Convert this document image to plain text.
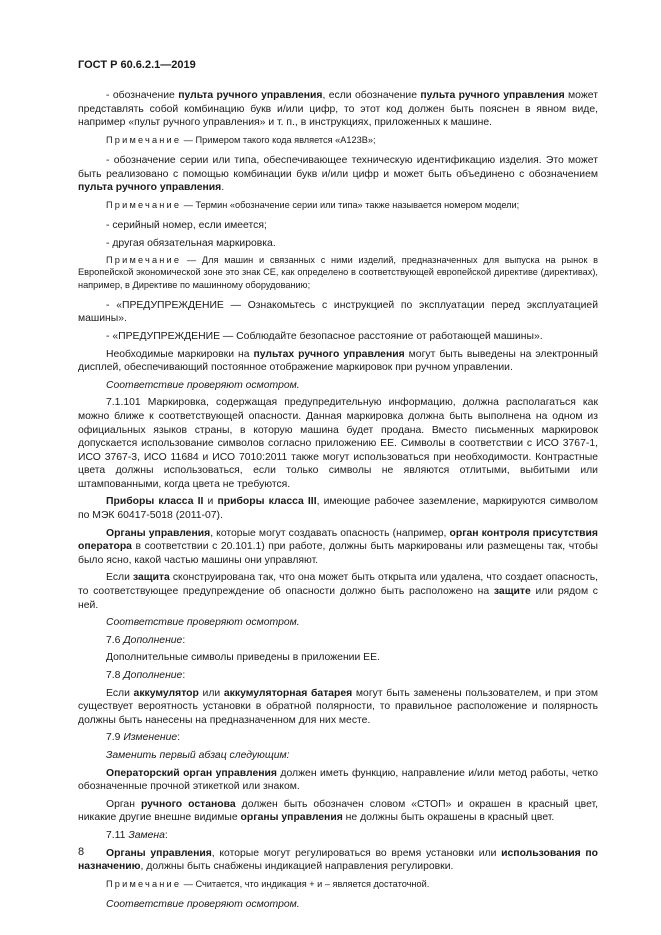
ГОСТ Р 60.6.2.1—2019

- обозначение пульта ручного управления, если обозначение пульта ручного управления может представлять собой комбинацию букв и/или цифр, то этот код должен быть пояснен в явном виде, например «пульт ручного управления» и т. п., в инструкциях, приложенных к машине.

Примечание — Примером такого кода является «А123В»;

- обозначение серии или типа, обеспечивающее техническую идентификацию изделия. Это может быть реализовано с помощью комбинации букв и/или цифр и может быть объединено с обозначением пульта ручного управления.

Примечание — Термин «обозначение серии или типа» также называется номером модели;

- серийный номер, если имеется;

- другая обязательная маркировка.

Примечание — Для машин и связанных с ними изделий, предназначенных для выпуска на рынок в Европейской экономической зоне это знак CE, как определено в соответствующей европейской директиве (директивах), например, в Директиве по машинному оборудованию;

- «ПРЕДУПРЕЖДЕНИЕ — Ознакомьтесь с инструкцией по эксплуатации перед эксплуатацией машины».

- «ПРЕДУПРЕЖДЕНИЕ — Соблюдайте безопасное расстояние от работающей машины».

Необходимые маркировки на пультах ручного управления могут быть выведены на электронный дисплей, обеспечивающий постоянное отображение маркировок при ручном управлении.

Соответствие проверяют осмотром.

7.1.101 Маркировка, содержащая предупредительную информацию, должна располагаться как можно ближе к соответствующей опасности. Данная маркировка должна быть выполнена на одном из официальных языков страны, в которую машина будет продана. Вместо письменных маркировок допускается использование символов согласно приложению ЕЕ. Символы в соответствии с ИСО 3767-1, ИСО 3767-3, ИСО 11684 и ИСО 7010:2011 также могут использоваться при необходимости. Контрастные цвета должны использоваться, если только символы не являются отлитыми, выбитыми или штампованными, когда цвета не требуются.

Приборы класса II и приборы класса III, имеющие рабочее заземление, маркируются символом по МЭК 60417-5018 (2011-07).

Органы управления, которые могут создавать опасность (например, орган контроля присутствия оператора в соответствии с 20.101.1) при работе, должны быть маркированы или размещены так, чтобы было ясно, какой частью машины они управляют.

Если защита сконструирована так, что она может быть открыта или удалена, что создает опасность, то соответствующее предупреждение об опасности должно быть расположено на защите или рядом с ней.

Соответствие проверяют осмотром.

7.6 Дополнение:

Дополнительные символы приведены в приложении ЕЕ.

7.8 Дополнение:

Если аккумулятор или аккумуляторная батарея могут быть заменены пользователем, и при этом существует вероятность установки в обратной полярности, то правильное расположение и полярность должны быть нанесены на предназначенном для них месте.

7.9 Изменение:

Заменить первый абзац следующим:

Операторский орган управления должен иметь функцию, направление и/или метод работы, четко обозначенные прочной этикеткой или знаком.

Орган ручного останова должен быть обозначен словом «СТОП» и окрашен в красный цвет, никакие другие внешне видимые органы управления не должны быть окрашены в красный цвет.

7.11 Замена:

Органы управления, которые могут регулироваться во время установки или использования по назначению, должны быть снабжены индикацией направления регулировки.

Примечание — Считается, что индикация + и – является достаточной.

Соответствие проверяют осмотром.

8
